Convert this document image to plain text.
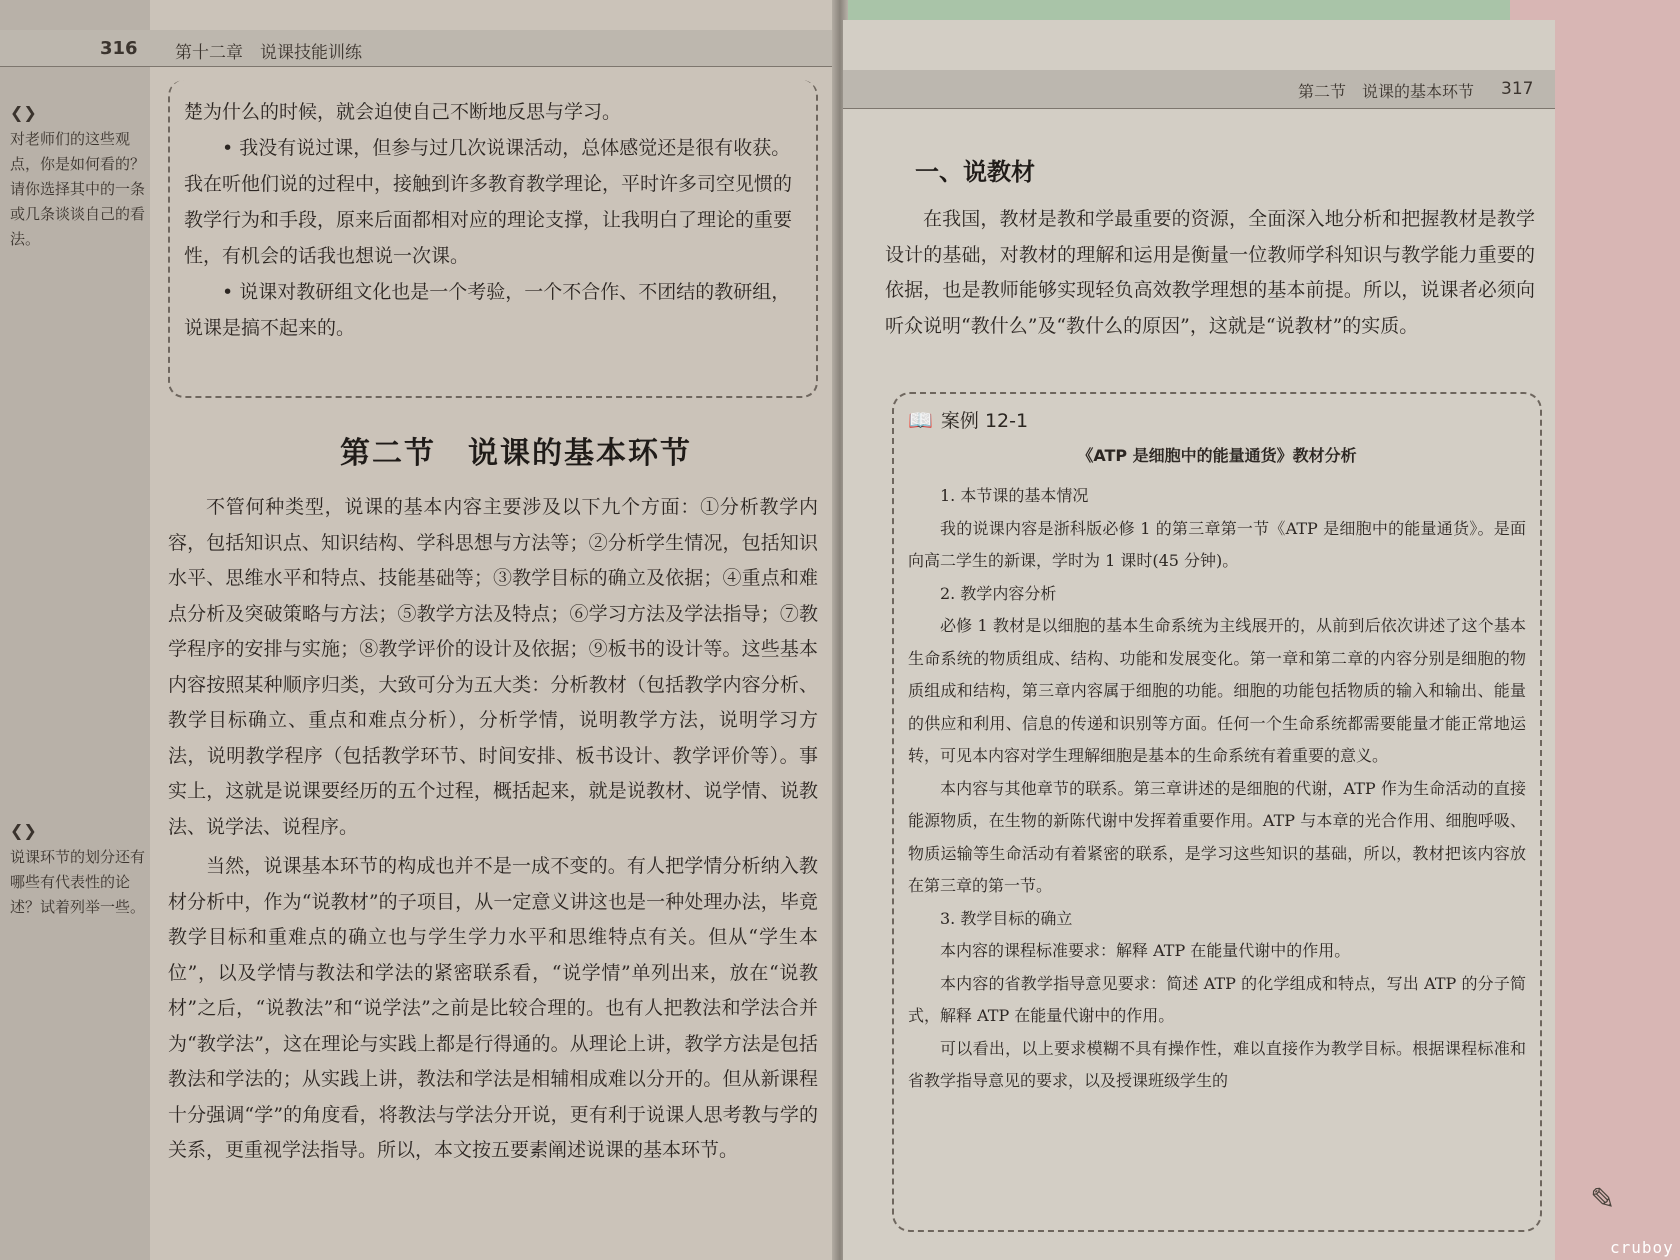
316 第十二章　说课技能训练
❮❯
对老师们的这些观点，你是如何看的？请你选择其中的一条或几条谈谈自己的看法。
❮❯
说课环节的划分还有哪些有代表性的论述？试着列举一些。

楚为什么的时候，就会迫使自己不断地反思与学习。

• 我没有说过课，但参与过几次说课活动，总体感觉还是很有收获。我在听他们说的过程中，接触到许多教育教学理论，平时许多司空见惯的教学行为和手段，原来后面都相对应的理论支撑，让我明白了理论的重要性，有机会的话我也想说一次课。

• 说课对教研组文化也是一个考验，一个不合作、不团结的教研组，说课是搞不起来的。

第二节　说课的基本环节

不管何种类型，说课的基本内容主要涉及以下九个方面：①分析教学内容，包括知识点、知识结构、学科思想与方法等；②分析学生情况，包括知识水平、思维水平和特点、技能基础等；③教学目标的确立及依据；④重点和难点分析及突破策略与方法；⑤教学方法及特点；⑥学习方法及学法指导；⑦教学程序的安排与实施；⑧教学评价的设计及依据；⑨板书的设计等。这些基本内容按照某种顺序归类，大致可分为五大类：分析教材（包括教学内容分析、教学目标确立、重点和难点分析），分析学情，说明教学方法，说明学习方法，说明教学程序（包括教学环节、时间安排、板书设计、教学评价等）。事实上，这就是说课要经历的五个过程，概括起来，就是说教材、说学情、说教法、说学法、说程序。

当然，说课基本环节的构成也并不是一成不变的。有人把学情分析纳入教材分析中，作为“说教材”的子项目，从一定意义讲这也是一种处理办法，毕竟教学目标和重难点的确立也与学生学力水平和思维特点有关。但从“学生本位”，以及学情与教法和学法的紧密联系看，“说学情”单列出来，放在“说教材”之后，“说教法”和“说学法”之前是比较合理的。也有人把教法和学法合并为“教学法”，这在理论与实践上都是行得通的。从理论上讲，教学方法是包括教法和学法的；从实践上讲，教法和学法是相辅相成难以分开的。但从新课程十分强调“学”的角度看，将教法与学法分开说，更有利于说课人思考教与学的关系，更重视学法指导。所以，本文按五要素阐述说课的基本环节。

第二节　说课的基本环节 317
一、说教材

在我国，教材是教和学最重要的资源，全面深入地分析和把握教材是教学设计的基础，对教材的理解和运用是衡量一位教师学科知识与教学能力重要的依据，也是教师能够实现轻负高效教学理想的基本前提。所以，说课者必须向听众说明“教什么”及“教什么的原因”，这就是“说教材”的实质。

📖 案例 12-1
《ATP 是细胞中的能量通货》教材分析

1. 本节课的基本情况

我的说课内容是浙科版必修 1 的第三章第一节《ATP 是细胞中的能量通货》。是面向高二学生的新课，学时为 1 课时(45 分钟)。

2. 教学内容分析

必修 1 教材是以细胞的基本生命系统为主线展开的，从前到后依次讲述了这个基本生命系统的物质组成、结构、功能和发展变化。第一章和第二章的内容分别是细胞的物质组成和结构，第三章内容属于细胞的功能。细胞的功能包括物质的输入和输出、能量的供应和利用、信息的传递和识别等方面。任何一个生命系统都需要能量才能正常地运转，可见本内容对学生理解细胞是基本的生命系统有着重要的意义。

本内容与其他章节的联系。第三章讲述的是细胞的代谢，ATP 作为生命活动的直接能源物质，在生物的新陈代谢中发挥着重要作用。ATP 与本章的光合作用、细胞呼吸、物质运输等生命活动有着紧密的联系，是学习这些知识的基础，所以，教材把该内容放在第三章的第一节。

3. 教学目标的确立

本内容的课程标准要求：解释 ATP 在能量代谢中的作用。

本内容的省教学指导意见要求：简述 ATP 的化学组成和特点，写出 ATP 的分子简式，解释 ATP 在能量代谢中的作用。

可以看出，以上要求模糊不具有操作性，难以直接作为教学目标。根据课程标准和省教学指导意见的要求，以及授课班级学生的

✎
cruboy
